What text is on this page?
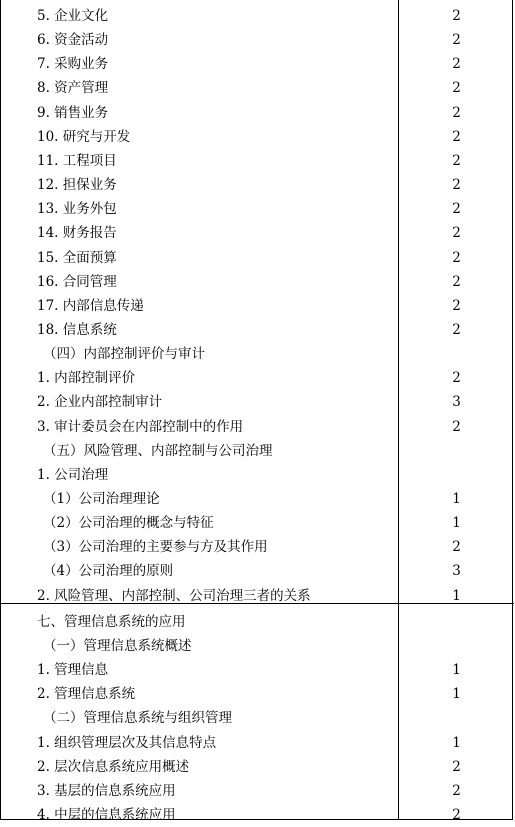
5. 企业文化	2
6. 资金活动	2
7. 采购业务	2
8. 资产管理	2
9. 销售业务	2
10. 研究与开发	2
11. 工程项目	2
12. 担保业务	2
13. 业务外包	2
14. 财务报告	2
15. 全面预算	2
16. 合同管理	2
17. 内部信息传递	2
18. 信息系统	2
（四）内部控制评价与审计
1. 内部控制评价	2
2. 企业内部控制审计	3
3. 审计委员会在内部控制中的作用	2
（五）风险管理、内部控制与公司治理
1. 公司治理
（1）公司治理理论	1
（2）公司治理的概念与特征	1
（3）公司治理的主要参与方及其作用	2
（4）公司治理的原则	3
2. 风险管理、内部控制、公司治理三者的关系	1
七、管理信息系统的应用
（一）管理信息系统概述
1. 管理信息	1
2. 管理信息系统	1
（二）管理信息系统与组织管理
1. 组织管理层次及其信息特点	1
2. 层次信息系统应用概述	2
3. 基层的信息系统应用	2
4. 中层的信息系统应用	2
